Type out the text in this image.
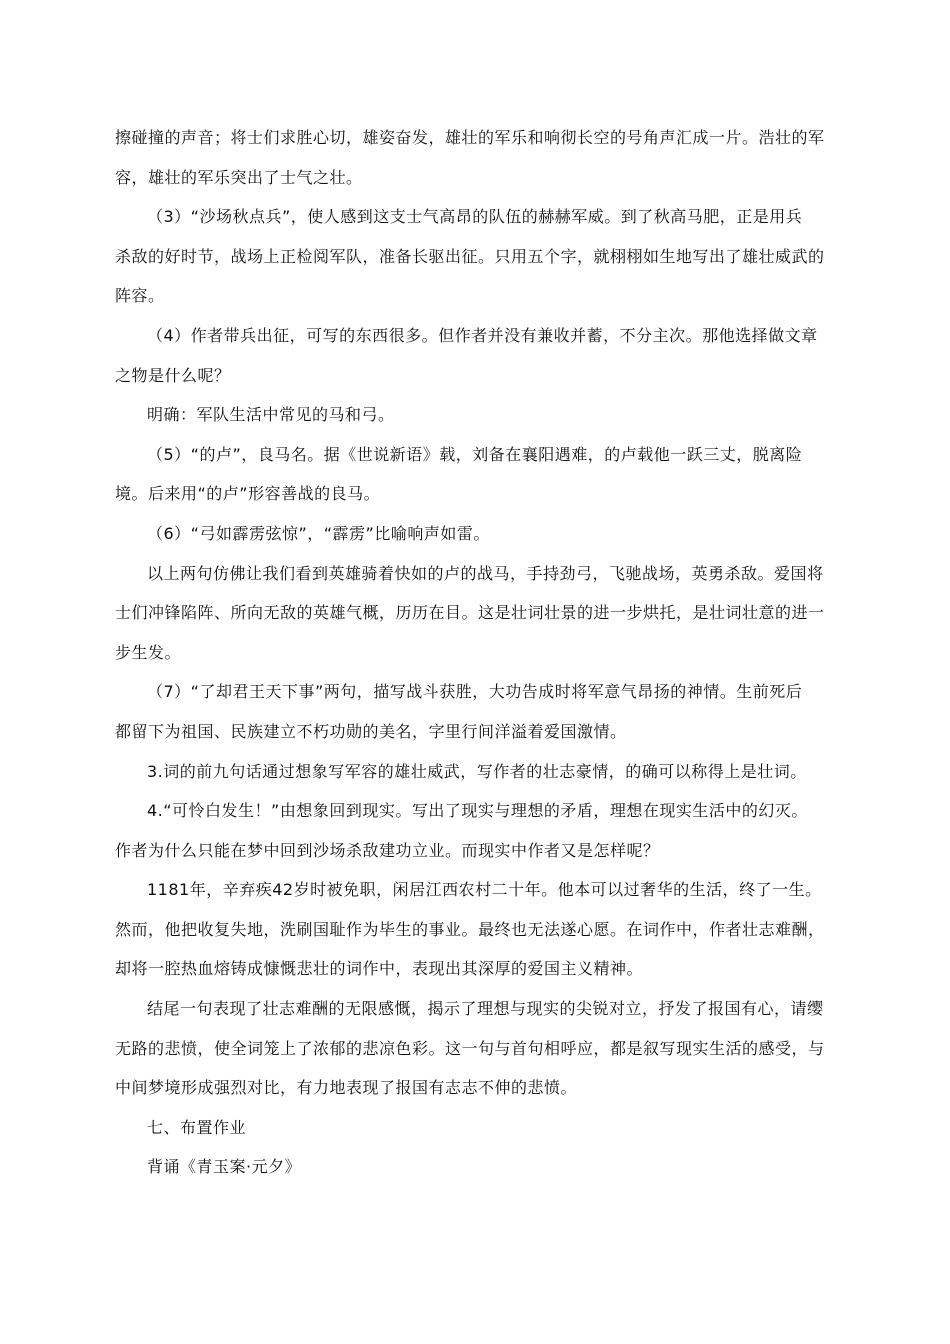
擦碰撞的声音；将士们求胜心切，雄姿奋发，雄壮的军乐和响彻长空的号角声汇成一片。浩壮的军
容，雄壮的军乐突出了士气之壮。
（3）“沙场秋点兵”，使人感到这支士气高昂的队伍的赫赫军威。到了秋高马肥，正是用兵
杀敌的好时节，战场上正检阅军队，准备长驱出征。只用五个字，就栩栩如生地写出了雄壮威武的
阵容。
（4）作者带兵出征，可写的东西很多。但作者并没有兼收并蓄，不分主次。那他选择做文章
之物是什么呢？
明确：军队生活中常见的马和弓。
（5）“的卢”，良马名。据《世说新语》载，刘备在襄阳遇难，的卢载他一跃三丈，脱离险
境。后来用“的卢”形容善战的良马。
（6）“弓如霹雳弦惊”，“霹雳”比喻响声如雷。
以上两句仿佛让我们看到英雄骑着快如的卢的战马，手持劲弓，飞驰战场，英勇杀敌。爱国将
士们冲锋陷阵、所向无敌的英雄气概，历历在目。这是壮词壮景的进一步烘托，是壮词壮意的进一
步生发。
（7）“了却君王天下事”两句，描写战斗获胜，大功告成时将军意气昂扬的神情。生前死后
都留下为祖国、民族建立不朽功勋的美名，字里行间洋溢着爱国激情。
3.词的前九句话通过想象写军容的雄壮威武，写作者的壮志豪情，的确可以称得上是壮词。
4.“可怜白发生！”由想象回到现实。写出了现实与理想的矛盾，理想在现实生活中的幻灭。
作者为什么只能在梦中回到沙场杀敌建功立业。而现实中作者又是怎样呢？
1181年，辛弃疾42岁时被免职，闲居江西农村二十年。他本可以过奢华的生活，终了一生。
然而，他把收复失地，洗刷国耻作为毕生的事业。最终也无法遂心愿。在词作中，作者壮志难酬，
却将一腔热血熔铸成慷慨悲壮的词作中，表现出其深厚的爱国主义精神。
结尾一句表现了壮志难酬的无限感慨，揭示了理想与现实的尖锐对立，抒发了报国有心，请缨
无路的悲愤，使全词笼上了浓郁的悲凉色彩。这一句与首句相呼应，都是叙写现实生活的感受，与
中间梦境形成强烈对比，有力地表现了报国有志志不伸的悲愤。
七、布置作业
背诵《青玉案·元夕》
